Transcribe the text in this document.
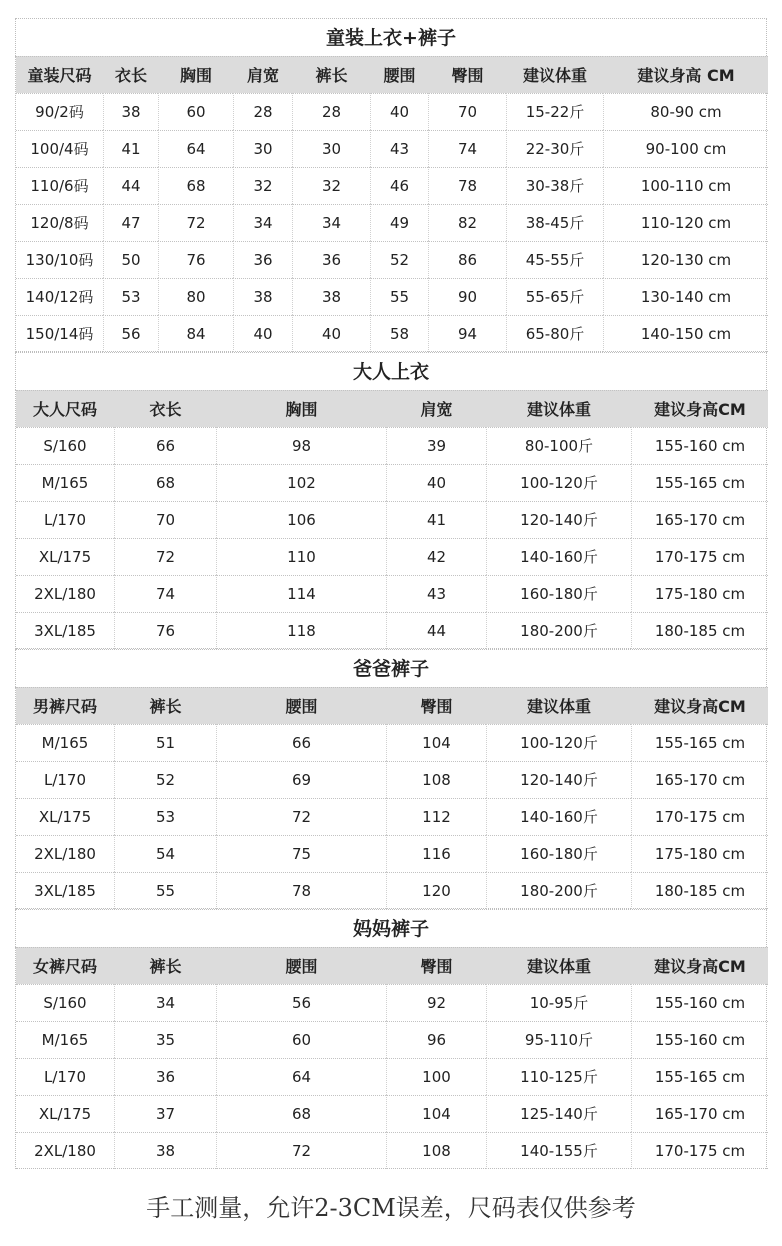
童装上衣+裤子
童装尺码	衣长	胸围	肩宽	裤长	腰围	臀围	建议体重	建议身高 CM
90/2码	38	60	28	28	40	70	15-22斤	80-90 cm
100/4码	41	64	30	30	43	74	22-30斤	90-100 cm
110/6码	44	68	32	32	46	78	30-38斤	100-110 cm
120/8码	47	72	34	34	49	82	38-45斤	110-120 cm
130/10码	50	76	36	36	52	86	45-55斤	120-130 cm
140/12码	53	80	38	38	55	90	55-65斤	130-140 cm
150/14码	56	84	40	40	58	94	65-80斤	140-150 cm
大人上衣
大人尺码	衣长	胸围	肩宽	建议体重	建议身高CM
S/160	66	98	39	80-100斤	155-160 cm
M/165	68	102	40	100-120斤	155-165 cm
L/170	70	106	41	120-140斤	165-170 cm
XL/175	72	110	42	140-160斤	170-175 cm
2XL/180	74	114	43	160-180斤	175-180 cm
3XL/185	76	118	44	180-200斤	180-185 cm
爸爸裤子
男裤尺码	裤长	腰围	臀围	建议体重	建议身高CM
M/165	51	66	104	100-120斤	155-165 cm
L/170	52	69	108	120-140斤	165-170 cm
XL/175	53	72	112	140-160斤	170-175 cm
2XL/180	54	75	116	160-180斤	175-180 cm
3XL/185	55	78	120	180-200斤	180-185 cm
妈妈裤子
女裤尺码	裤长	腰围	臀围	建议体重	建议身高CM
S/160	34	56	92	10-95斤	155-160 cm
M/165	35	60	96	95-110斤	155-160 cm
L/170	36	64	100	110-125斤	155-165 cm
XL/175	37	68	104	125-140斤	165-170 cm
2XL/180	38	72	108	140-155斤	170-175 cm
手工测量，允许2-3CM误差，尺码表仅供参考
